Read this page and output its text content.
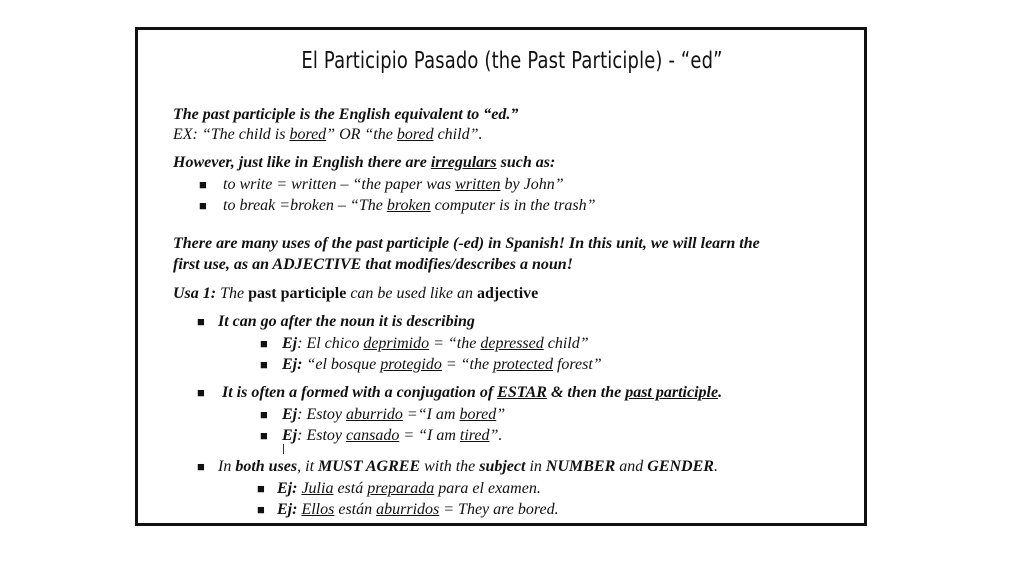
El Participio Pasado (the Past Participle) - “ed”
The past participle is the English equivalent to “ed.”
EX: “The child is bored” OR “the bored child”.
However, just like in English there are irregulars such as:
■ to write = written – “the paper was written by John”
■ to break =broken – “The broken computer is in the trash”
There are many uses of the past participle (-ed) in Spanish! In this unit, we will learn the
first use, as an ADJECTIVE that modifies/describes a noun!
Usa 1: The past participle can be used like an adjective
■ It can go after the noun it is describing
■ Ej: El chico deprimido = “the depressed child”
■ Ej: “el bosque protegido = “the protected forest”
■ It is often a formed with a conjugation of ESTAR & then the past participle.
■ Ej: Estoy aburrido =“I am bored”
■ Ej: Estoy cansado = “I am tired”.
■ In both uses, it MUST AGREE with the subject in NUMBER and GENDER.
■ Ej: Julia está preparada para el examen.
■ Ej: Ellos están aburridos = They are bored.
